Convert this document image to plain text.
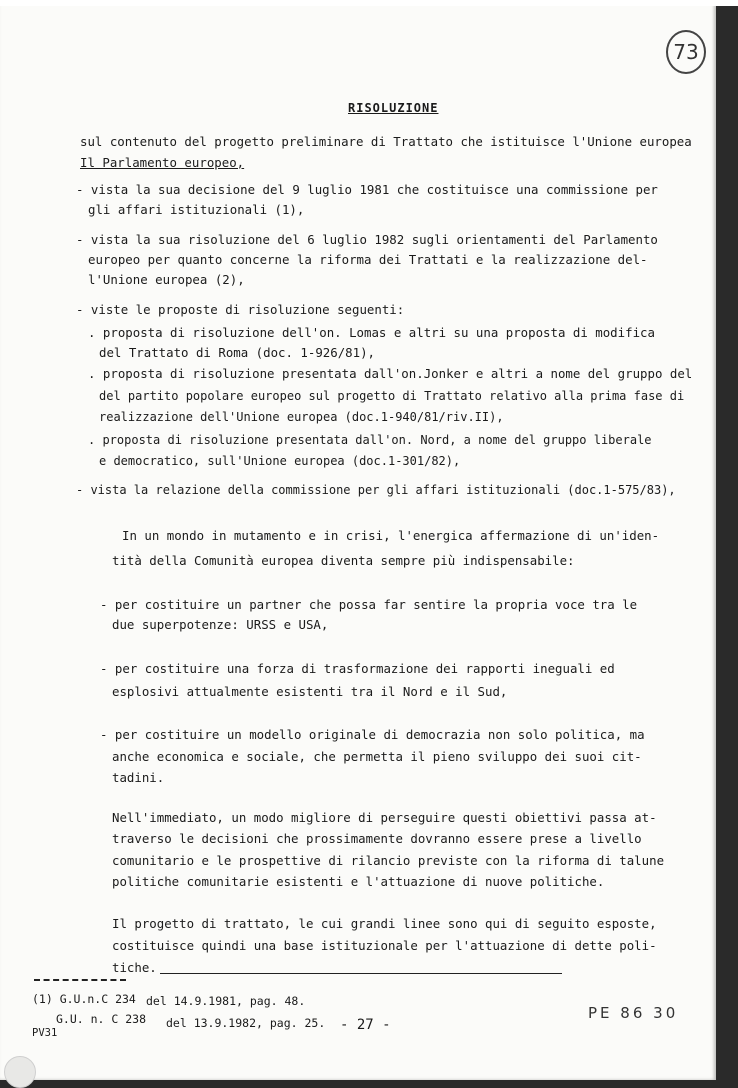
73

RISOLUZIONE

sul contenuto del progetto preliminare di Trattato che istituisce l'Unione europea

Il Parlamento europeo,

- vista la sua decisione del 9 luglio 1981 che costituisce una commissione per

gli affari istituzionali (1),

- vista la sua risoluzione del 6 luglio 1982 sugli orientamenti del Parlamento

europeo per quanto concerne la riforma dei Trattati e la realizzazione del-

l'Unione europea (2),

- viste le proposte di risoluzione seguenti:

. proposta di risoluzione dell'on. Lomas e altri su una proposta di modifica

del Trattato di Roma (doc. 1-926/81),

. proposta di risoluzione presentata dall'on.Jonker e altri a nome del gruppo del

del partito popolare europeo sul progetto di Trattato relativo alla prima fase di

realizzazione dell'Unione europea (doc.1-940/81/riv.II),

. proposta di risoluzione presentata dall'on. Nord, a nome del gruppo liberale

e democratico, sull'Unione europea (doc.1-301/82),

- vista la relazione della commissione per gli affari istituzionali (doc.1-575/83),

In un mondo in mutamento e in crisi, l'energica affermazione di un'iden-

tità della Comunità europea diventa sempre più indispensabile:

- per costituire un partner che possa far sentire la propria voce tra le

due superpotenze: URSS e USA,

- per costituire una forza di trasformazione dei rapporti ineguali ed

esplosivi attualmente esistenti tra il Nord e il Sud,

- per costituire un modello originale di democrazia non solo politica, ma

anche economica e sociale, che permetta il pieno sviluppo dei suoi cit-

tadini.

Nell'immediato, un modo migliore di perseguire questi obiettivi passa at-

traverso le decisioni che prossimamente dovranno essere prese a livello

comunitario e le prospettive di rilancio previste con la riforma di talune

politiche comunitarie esistenti e l'attuazione di nuove politiche.

Il progetto di trattato, le cui grandi linee sono qui di seguito esposte,

costituisce quindi una base istituzionale per l'attuazione di dette poli-

tiche.

(1) G.U.n.C 234 del 14.9.1981, pag. 48.

G.U. n. C 238 del 13.9.1982, pag. 25. - 27 -

PV31

PE 86 30
